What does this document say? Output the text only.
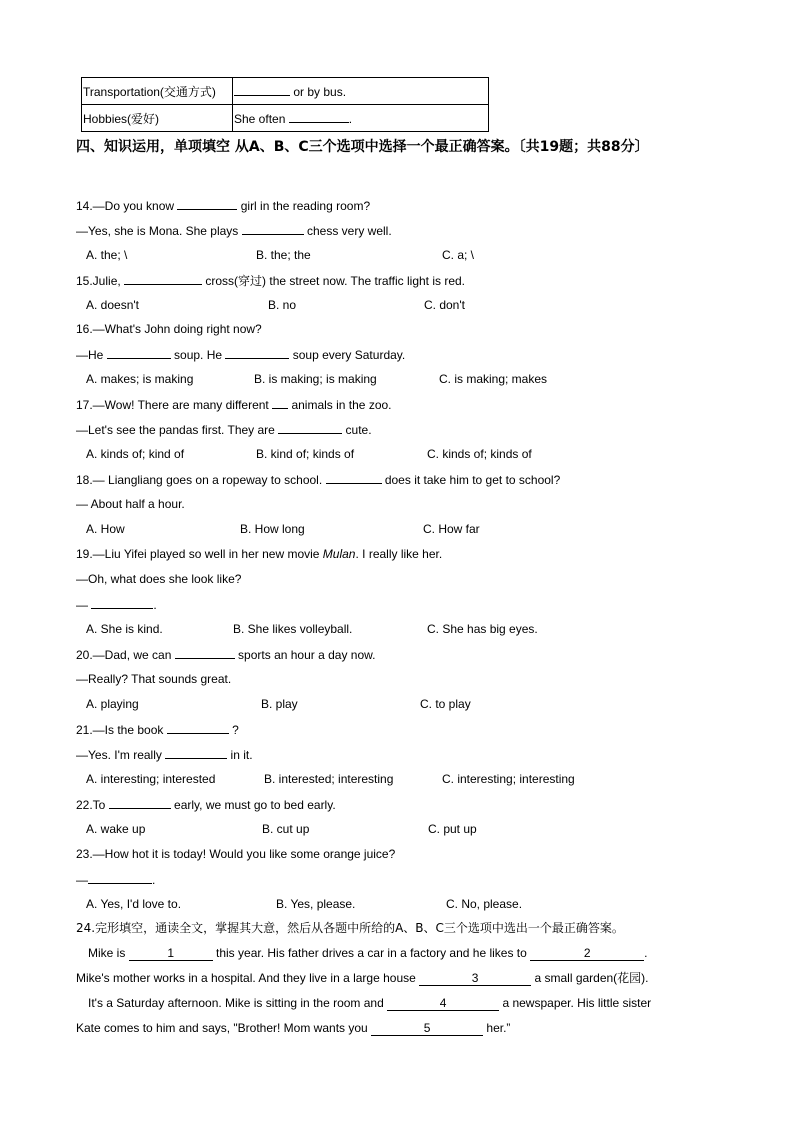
Transportation(交通方式)	or by bus.
Hobbies(爱好)	She often .
四、知识运用，单项填空 从A、B、C三个选项中选择一个最正确答案。〔共19题；共88分〕
14.—Do you know	girl in the reading room?
—Yes, she is Mona. She plays	chess very well.
A. the; \	B. the; the	C. a; \
15.Julie,	cross(穿过) the street now. The traffic light is red.
A. doesn't	B. no	C. don't
16.—What's John doing right now?
—He	soup. He	soup every Saturday.
A. makes; is making	B. is making; is making	C. is making; makes
17.—Wow! There are many different  animals in the zoo.
—Let's see the pandas first. They are	cute.
A. kinds of; kind of	B. kind of; kinds of	C. kinds of; kinds of
18.— Liangliang goes on a ropeway to school.	does it take him to get to school?
— About half a hour.
A. How	B. How long	C. How far
19.—Liu Yifei played so well in her new movie Mulan. I really like her.
—Oh, what does she look like?
—	.
A. She is kind.	B. She likes volleyball.	C. She has big eyes.
20.—Dad, we can	sports an hour a day now.
—Really? That sounds great.
A. playing	B. play	C. to play
21.—Is the book	?
—Yes. I'm really	in it.
A. interesting; interested	B. interested; interesting	C. interesting; interesting
22.To	early, we must go to bed early.
A. wake up	B. cut up	C. put up
23.—How hot it is today! Would you like some orange juice?
—	.
A. Yes, I'd love to.	B. Yes, please.	C. No, please.
24.完形填空，通读全文，掌握其大意，然后从各题中所给的A、B、C三个选项中选出一个最正确答案。
Mike is	1	this year. His father drives a car in a factory and he likes to	2	.
Mike's mother works in a hospital. And they live in a large house	3	a small garden(花园).
It's a Saturday afternoon. Mike is sitting in the room and	4	a newspaper. His little sister
Kate comes to him and says, "Brother! Mom wants you	5	her.”
